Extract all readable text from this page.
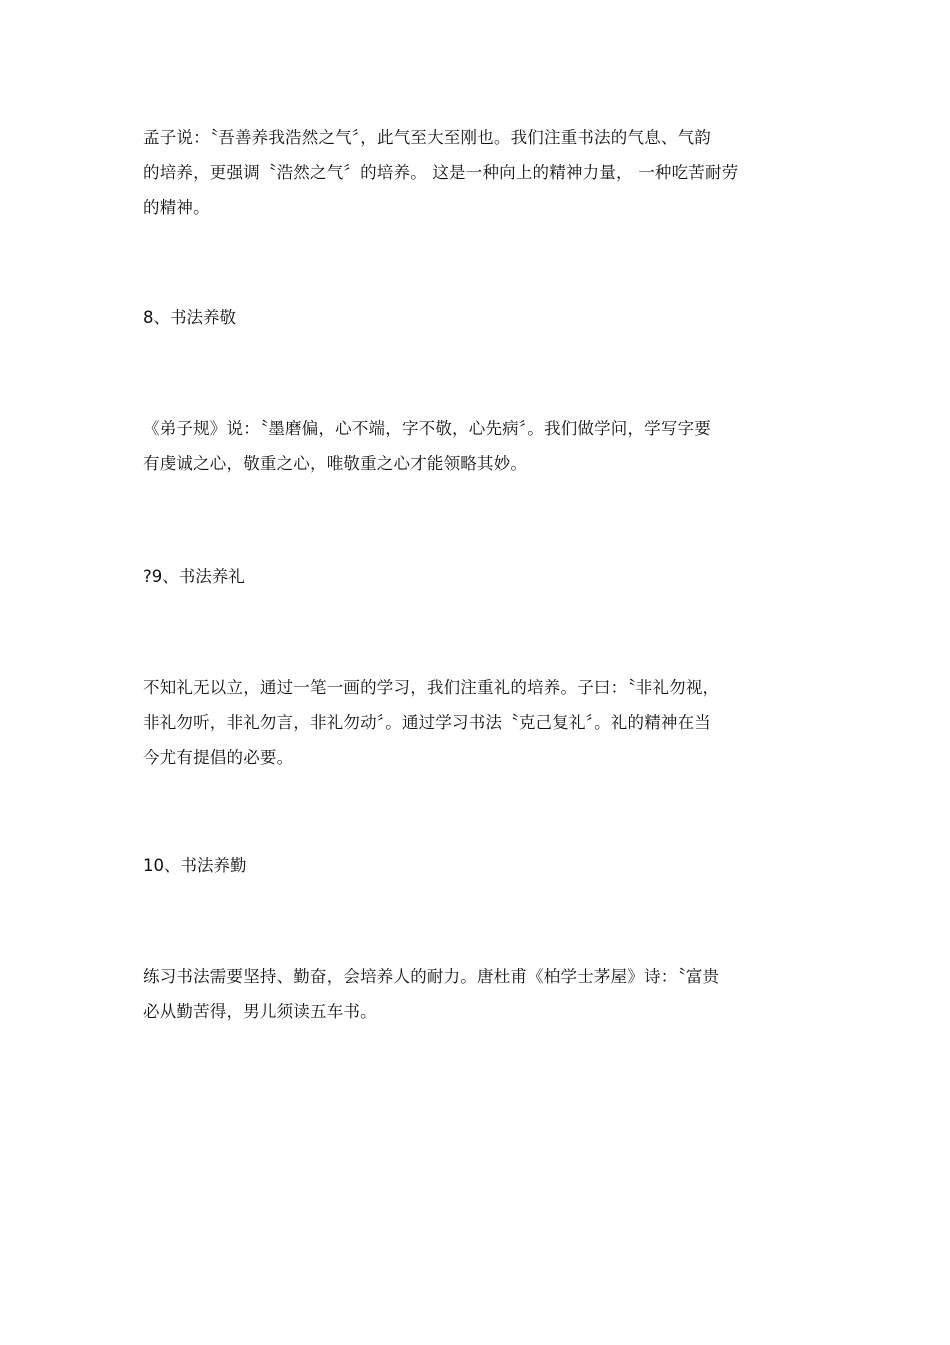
孟子说：〝吾善养我浩然之气〞，此气至大至刚也。我们注重书法的气息、气韵
的培养，更强调〝浩然之气〞的培养。 这是一种向上的精神力量， 一种吃苦耐劳
的精神。
8、书法养敬
《弟子规》说：〝墨磨偏，心不端，字不敬，心先病〞。我们做学问，学写字要
有虔诚之心，敬重之心，唯敬重之心才能领略其妙。
?9、书法养礼
不知礼无以立，通过一笔一画的学习，我们注重礼的培养。子曰：〝非礼勿视，
非礼勿听，非礼勿言，非礼勿动〞。通过学习书法〝克己复礼〞。礼的精神在当
今尤有提倡的必要。
10、书法养勤
练习书法需要坚持、勤奋，会培养人的耐力。唐杜甫《柏学士茅屋》诗：〝富贵
必从勤苦得，男儿须读五车书。
